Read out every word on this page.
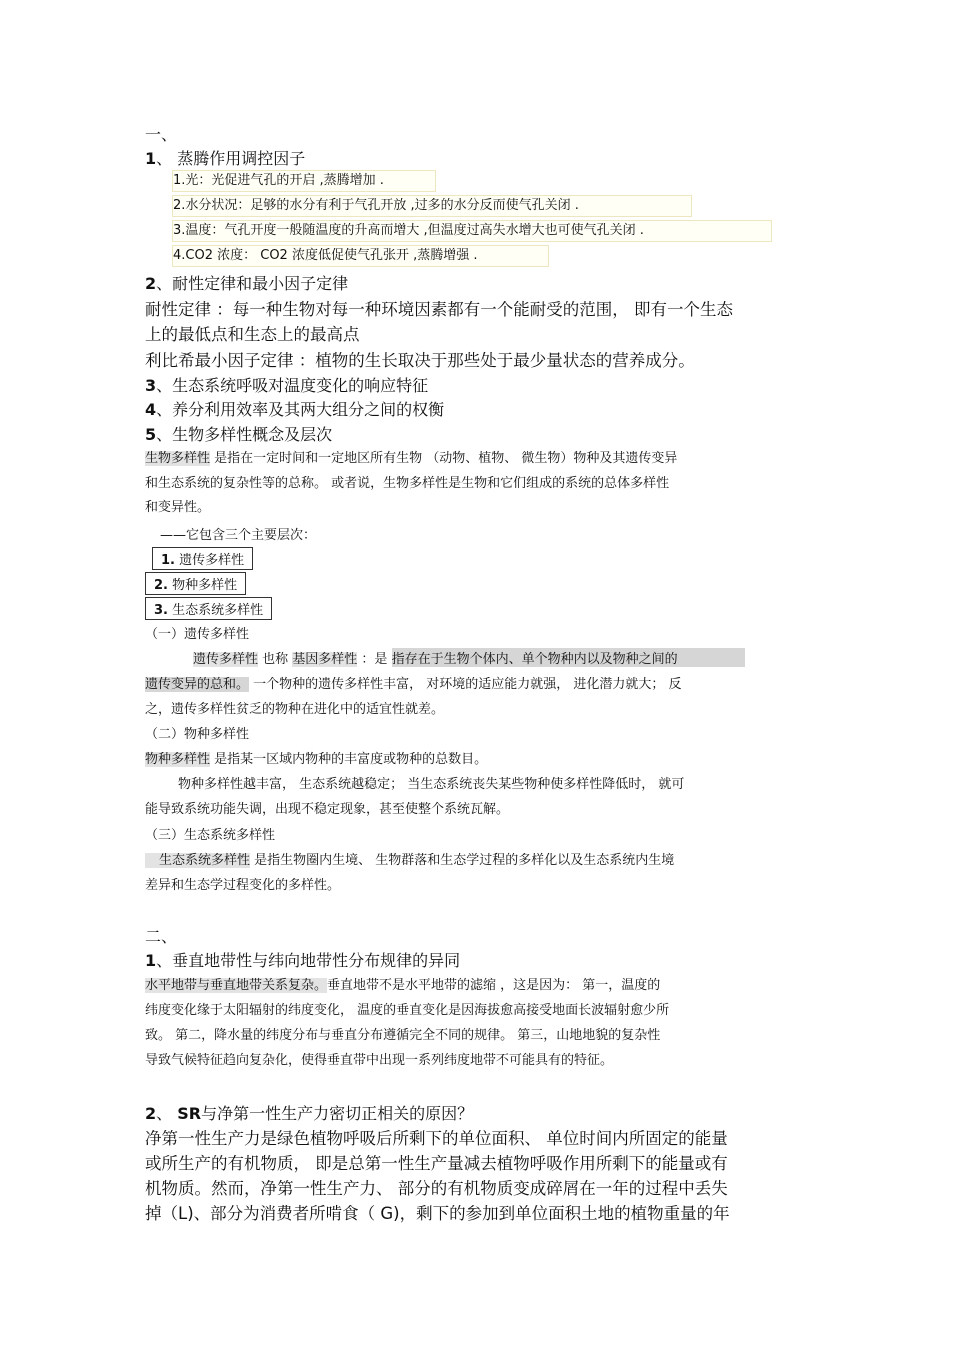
一、
1、 蒸腾作用调控因子
1.光：光促进气孔的开启 ,蒸腾增加 .
2.水分状况：足够的水分有利于气孔开放 ,过多的水分反而使气孔关闭 .
3.温度：气孔开度一般随温度的升高而增大 ,但温度过高失水增大也可使气孔关闭 .
4.CO2 浓度： CO2 浓度低促使气孔张开 ,蒸腾增强 .
2、耐性定律和最小因子定律
耐性定律 ：每一种生物对每一种环境因素都有一个能耐受的范围， 即有一个生态
上的最低点和生态上的最高点
利比希最小因子定律 ：植物的生长取决于那些处于最少量状态的营养成分。
3、生态系统呼吸对温度变化的响应特征
4、养分利用效率及其两大组分之间的权衡
5、生物多样性概念及层次
生物多样性 是指在一定时间和一定地区所有生物 （动物、植物、 微生物）物种及其遗传变异
和生态系统的复杂性等的总称。 或者说，生物多样性是生物和它们组成的系统的总体多样性
和变异性。
——它包含三个主要层次：
1. 遗传多样性
2. 物种多样性
3. 生态系统多样性
（一）遗传多样性
遗传多样性 也称 基因多样性 ：是 指存在于生物个体内、单个物种内以及物种之间的
遗传变异的总和。 一个物种的遗传多样性丰富， 对环境的适应能力就强， 进化潜力就大； 反
之，遗传多样性贫乏的物种在进化中的适宜性就差。
（二）物种多样性
物种多样性 是指某一区域内物种的丰富度或物种的总数目。
物种多样性越丰富， 生态系统越稳定； 当生态系统丧失某些物种使多样性降低时， 就可
能导致系统功能失调，出现不稳定现象，甚至使整个系统瓦解。
（三）生态系统多样性
生态系统多样性 是指生物圈内生境、 生物群落和生态学过程的多样化以及生态系统内生境
差异和生态学过程变化的多样性。
二、
1、垂直地带性与纬向地带性分布规律的异同
水平地带与垂直地带关系复杂。垂直地带不是水平地带的滤缩 ，这是因为： 第一，温度的
纬度变化缘于太阳辐射的纬度变化， 温度的垂直变化是因海拔愈高接受地面长波辐射愈少所
致。 第二，降水量的纬度分布与垂直分布遵循完全不同的规律。 第三，山地地貌的复杂性
导致气候特征趋向复杂化，使得垂直带中出现一系列纬度地带不可能具有的特征。
2、 SR与净第一性生产力密切正相关的原因？
净第一性生产力是绿色植物呼吸后所剩下的单位面积、 单位时间内所固定的能量
或所生产的有机物质， 即是总第一性生产量减去植物呼吸作用所剩下的能量或有
机物质。然而，净第一性生产力、 部分的有机物质变成碎屑在一年的过程中丢失
掉（L)、部分为消费者所啃食（ G)，剩下的参加到单位面积土地的植物重量的年
